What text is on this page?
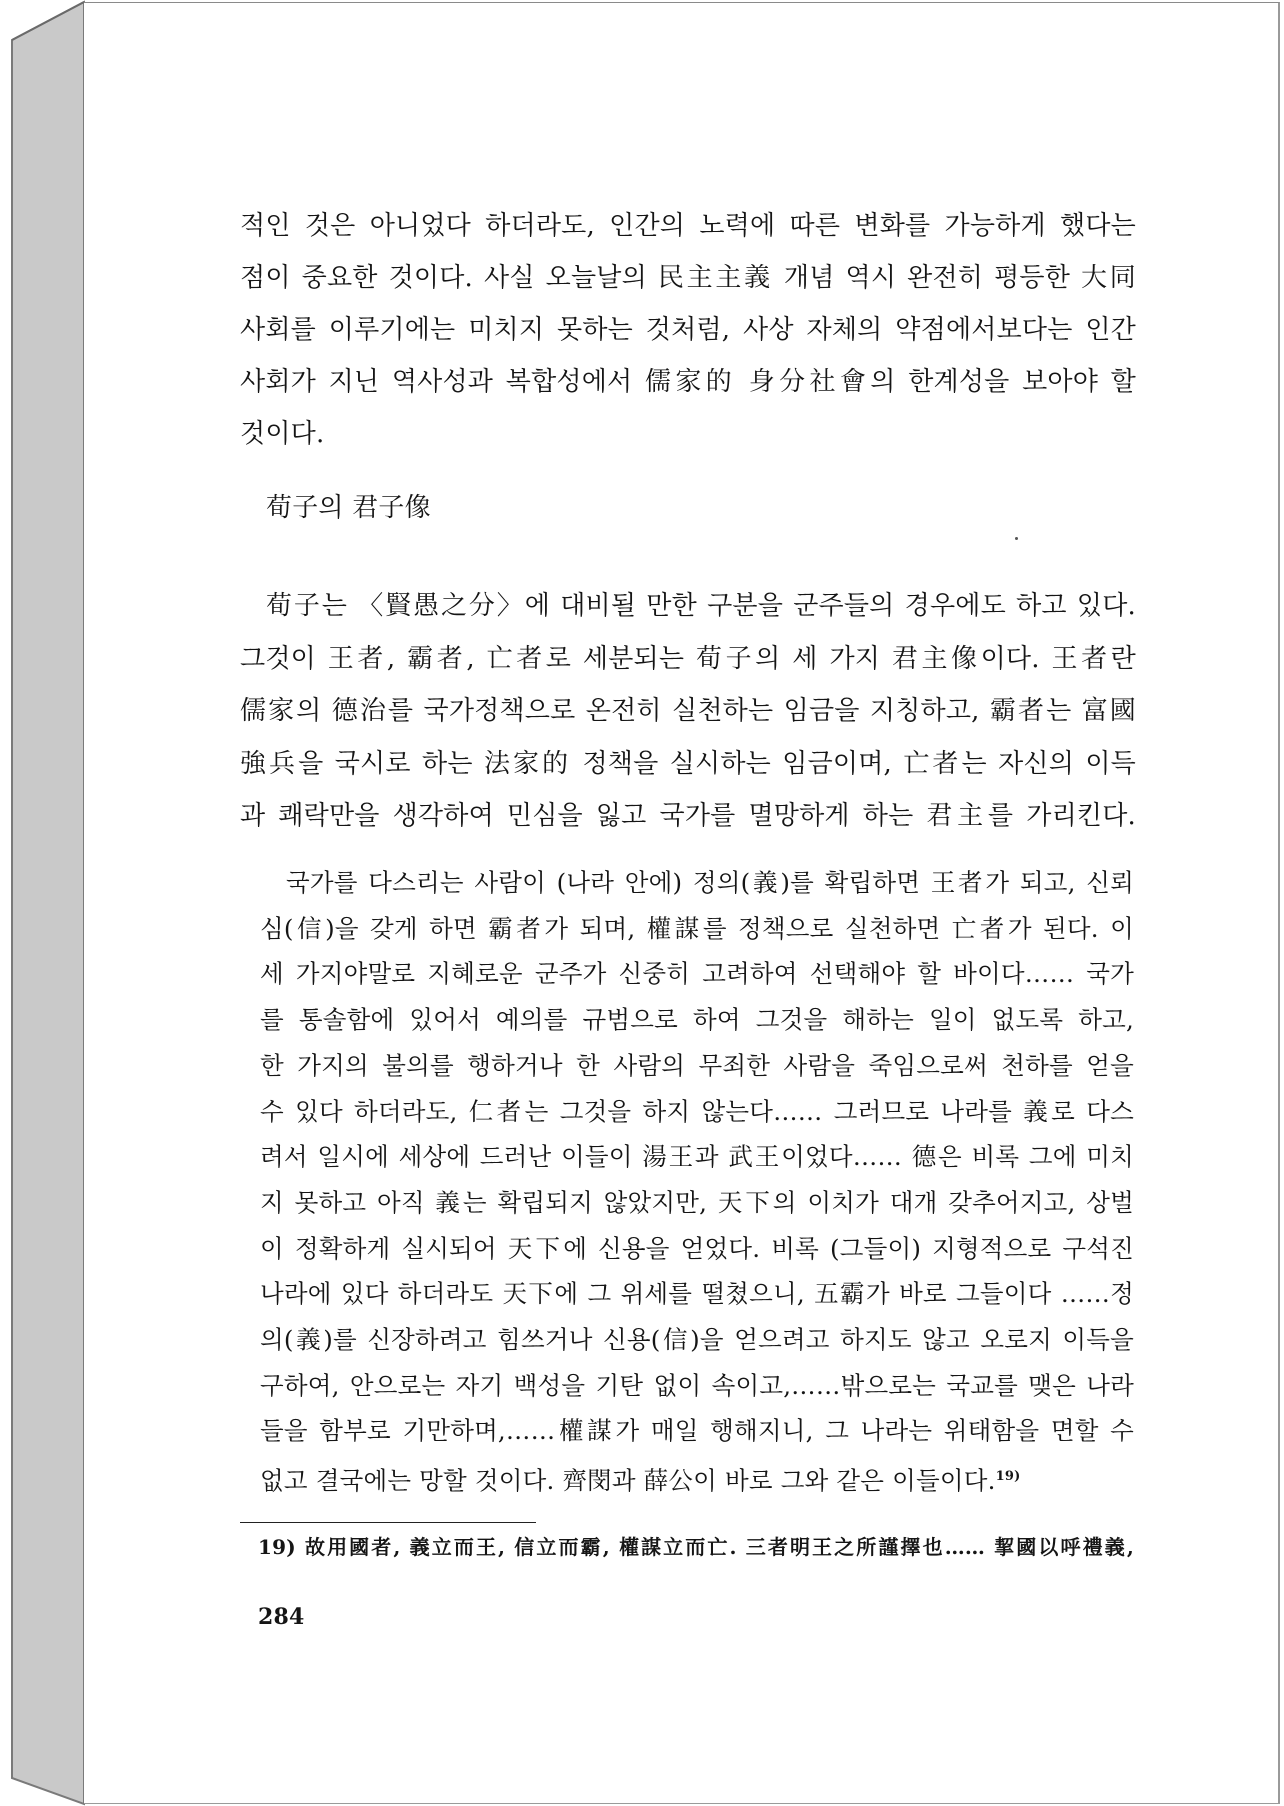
적인 것은 아니었다 하더라도, 인간의 노력에 따른 변화를 가능하게 했다는
점이 중요한 것이다. 사실 오늘날의 民主主義 개념 역시 완전히 평등한 大同
사회를 이루기에는 미치지 못하는 것처럼, 사상 자체의 약점에서보다는 인간
사회가 지닌 역사성과 복합성에서 儒家的 身分社會의 한계성을 보아야 할
것이다.
荀子의 君子像
荀子는 〈賢愚之分〉에 대비될 만한 구분을 군주들의 경우에도 하고 있다.
그것이 王者, 霸者, 亡者로 세분되는 荀子의 세 가지 君主像이다. 王者란
儒家의 德治를 국가정책으로 온전히 실천하는 임금을 지칭하고, 霸者는 富國
強兵을 국시로 하는 法家的 정책을 실시하는 임금이며, 亡者는 자신의 이득
과 쾌락만을 생각하여 민심을 잃고 국가를 멸망하게 하는 君主를 가리킨다.
국가를 다스리는 사람이 (나라 안에) 정의(義)를 확립하면 王者가 되고, 신뢰
심(信)을 갖게 하면 霸者가 되며, 權謀를 정책으로 실천하면 亡者가 된다. 이
세 가지야말로 지혜로운 군주가 신중히 고려하여 선택해야 할 바이다…… 국가
를 통솔함에 있어서 예의를 규범으로 하여 그것을 해하는 일이 없도록 하고,
한 가지의 불의를 행하거나 한 사람의 무죄한 사람을 죽임으로써 천하를 얻을
수 있다 하더라도, 仁者는 그것을 하지 않는다…… 그러므로 나라를 義로 다스
려서 일시에 세상에 드러난 이들이 湯王과 武王이었다…… 德은 비록 그에 미치
지 못하고 아직 義는 확립되지 않았지만, 天下의 이치가 대개 갖추어지고, 상벌
이 정확하게 실시되어 天下에 신용을 얻었다. 비록 (그들이) 지형적으로 구석진
나라에 있다 하더라도 天下에 그 위세를 떨쳤으니, 五霸가 바로 그들이다 ……정
의(義)를 신장하려고 힘쓰거나 신용(信)을 얻으려고 하지도 않고 오로지 이득을
구하여, 안으로는 자기 백성을 기탄 없이 속이고,……밖으로는 국교를 맺은 나라
들을 함부로 기만하며,……權謀가 매일 행해지니, 그 나라는 위태함을 면할 수
없고 결국에는 망할 것이다. 齊閔과 薛公이 바로 그와 같은 이들이다.$^{19)}$
19) 故用國者, 義立而王, 信立而霸, 權謀立而亡. 三者明王之所謹擇也…… 挈國以呼禮義,
284
